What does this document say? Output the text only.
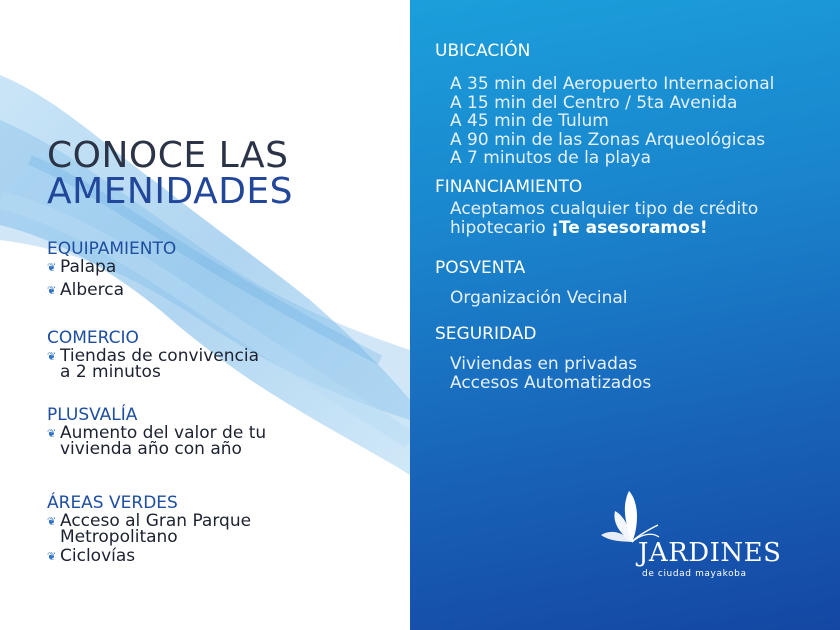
CONOCE LAS
AMENIDADES
EQUIPAMIENTO
❦ Palapa
❦ Alberca
COMERCIO
❦ Tiendas de convivencia
a 2 minutos
PLUSVALÍA
❦ Aumento del valor de tu
vivienda año con año
ÁREAS VERDES
❦ Acceso al Gran Parque
Metropolitano
❦ Ciclovías
UBICACIÓN
A 35 min del Aeropuerto Internacional
A 15 min del Centro / 5ta Avenida
A 45 min de Tulum
A 90 min de las Zonas Arqueológicas
A 7 minutos de la playa
FINANCIAMIENTO
Aceptamos cualquier tipo de crédito
hipotecario ¡Te asesoramos!
POSVENTA
Organización Vecinal
SEGURIDAD
Viviendas en privadas
Accesos Automatizados
JARDINES
de ciudad mayakoba
